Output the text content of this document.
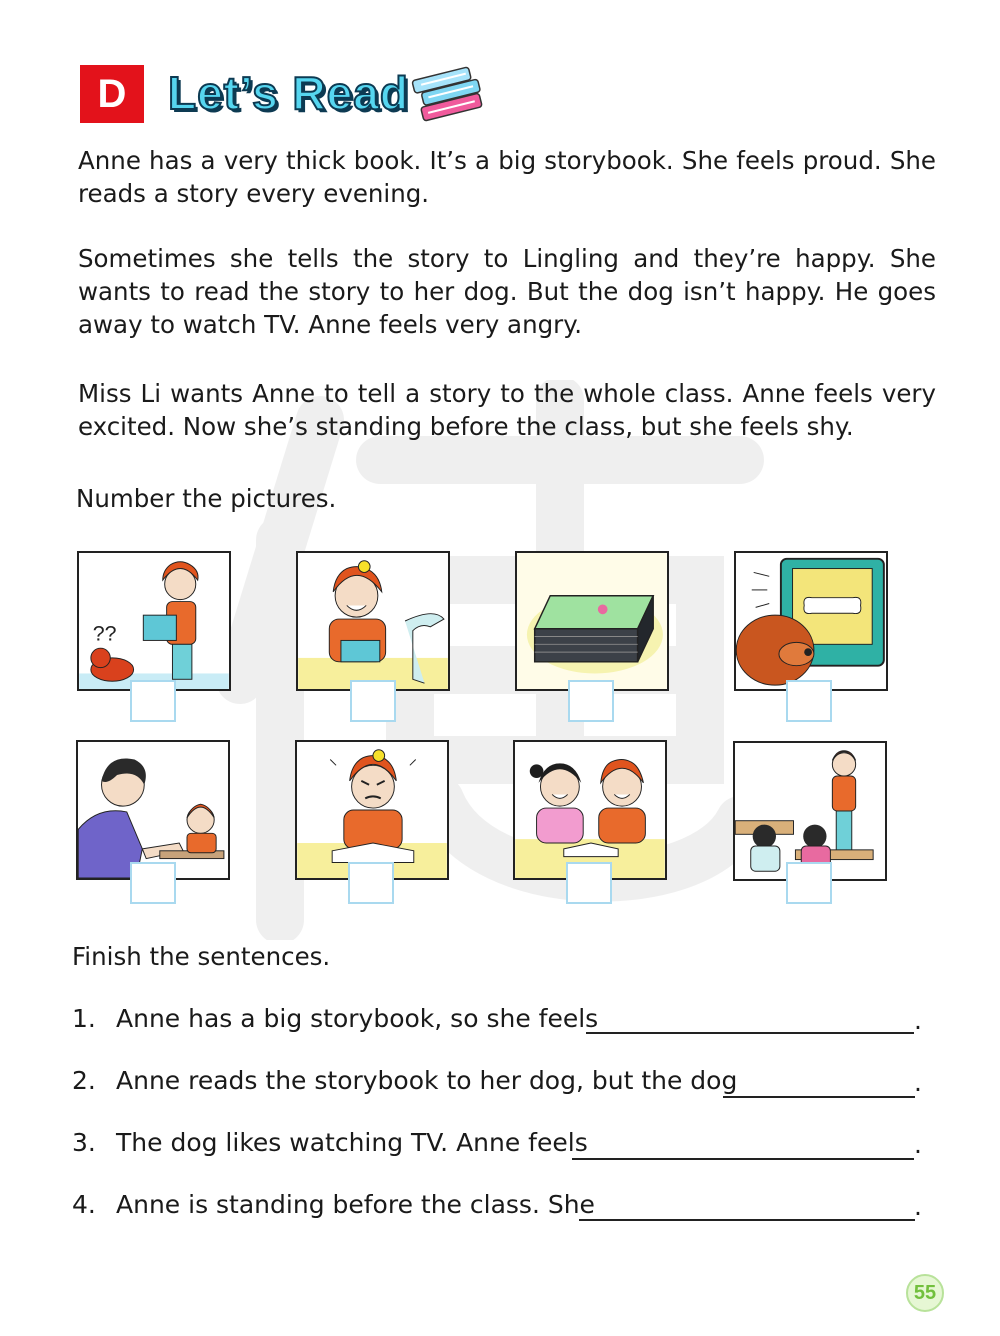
D Let’s Read

Anne has a very thick book. It’s a big storybook. She feels proud. She reads a story every evening.

Sometimes she tells the story to Lingling and they’re happy. She wants to read the story to her dog. But the dog isn’t happy. He goes away to watch TV. Anne feels very angry.

Miss Li wants Anne to tell a story to the whole class. Anne feels very excited. Now she’s standing before the class, but she feels shy.

Number the pictures.

??

Finish the sentences.

1. Anne has a big storybook, so she feels	.
2. Anne reads the storybook to her dog, but the dog	.
3. The dog likes watching TV. Anne feels	.
4. Anne is standing before the class. She	.
55
